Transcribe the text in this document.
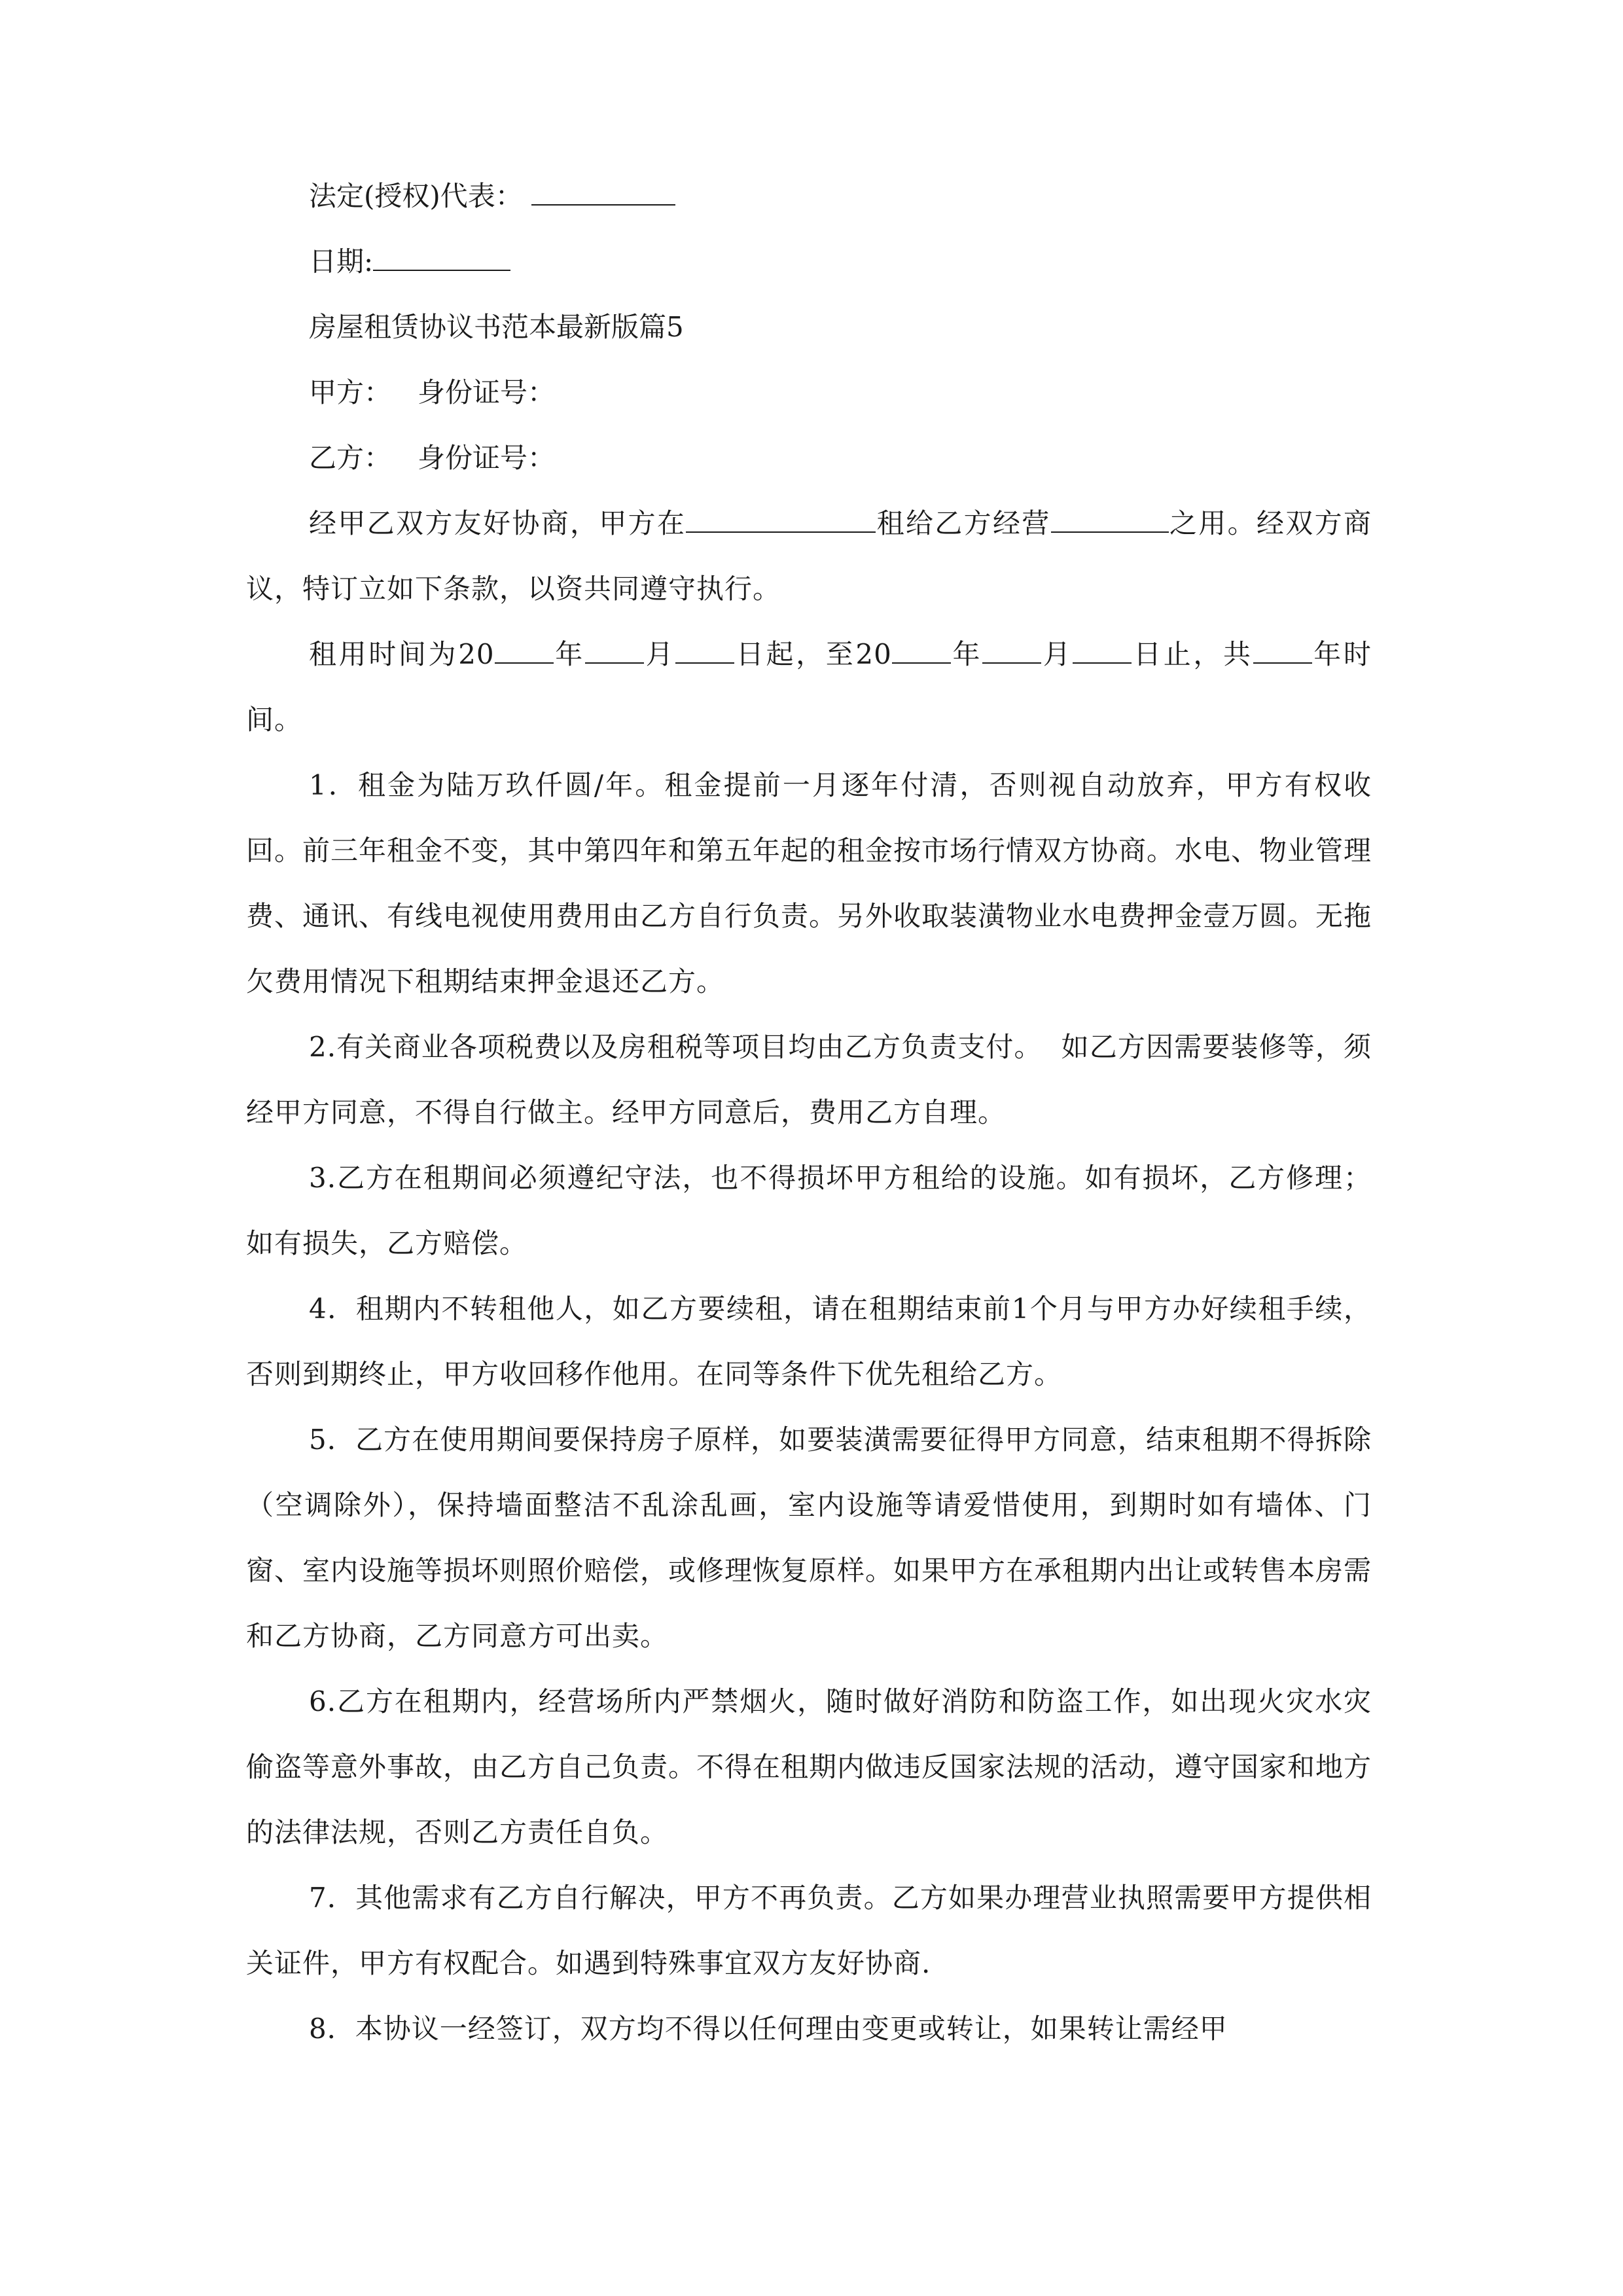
法定(授权)代表：

日期:

房屋租赁协议书范本最新版篇5

甲方：   身份证号：

乙方：   身份证号：

经甲乙双方友好协商，甲方在	租给乙方经营	之用。经双方商议，特订立如下条款，以资共同遵守执行。

租用时间为20 年 月 日起，至20 年 月 日止，共 年时间。

1．租金为陆万玖仟圆/年。租金提前一月逐年付清，否则视自动放弃，甲方有权收回。前三年租金不变，其中第四年和第五年起的租金按市场行情双方协商。水电、物业管理费、通讯、有线电视使用费用由乙方自行负责。另外收取装潢物业水电费押金壹万圆。无拖欠费用情况下租期结束押金退还乙方。

2.有关商业各项税费以及房租税等项目均由乙方负责支付。  如乙方因需要装修等，须经甲方同意，不得自行做主。经甲方同意后，费用乙方自理。

3.乙方在租期间必须遵纪守法，也不得损坏甲方租给的设施。如有损坏，乙方修理；如有损失，乙方赔偿。

4．租期内不转租他人，如乙方要续租，请在租期结束前1个月与甲方办好续租手续，否则到期终止，甲方收回移作他用。在同等条件下优先租给乙方。

5．乙方在使用期间要保持房子原样，如要装潢需要征得甲方同意，结束租期不得拆除（空调除外），保持墙面整洁不乱涂乱画，室内设施等请爱惜使用，到期时如有墙体、门窗、室内设施等损坏则照价赔偿，或修理恢复原样。如果甲方在承租期内出让或转售本房需和乙方协商，乙方同意方可出卖。

6.乙方在租期内，经营场所内严禁烟火，随时做好消防和防盗工作，如出现火灾水灾偷盗等意外事故，由乙方自己负责。不得在租期内做违反国家法规的活动，遵守国家和地方的法律法规，否则乙方责任自负。

7．其他需求有乙方自行解决，甲方不再负责。乙方如果办理营业执照需要甲方提供相关证件，甲方有权配合。如遇到特殊事宜双方友好协商.

8．本协议一经签订，双方均不得以任何理由变更或转让，如果转让需经甲
